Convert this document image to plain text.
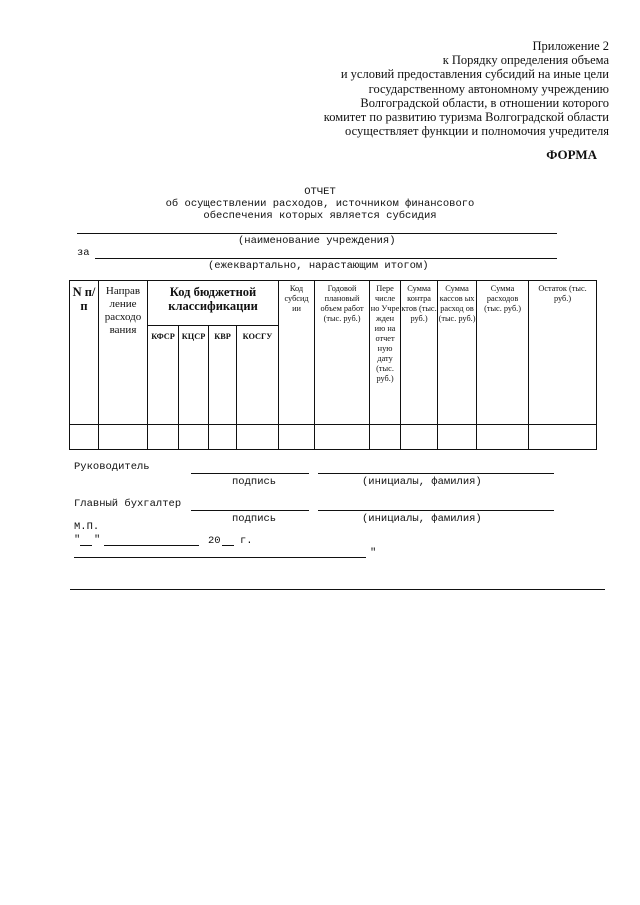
Приложение 2
к Порядку определения объема
и условий предоставления субсидий на иные цели
государственному автономному учреждению
Волгоградской области, в отношении которого
комитет по развитию туризма Волгоградской области
осуществляет функции и полномочия учредителя
ФОРМА
ОТЧЕТ
об осуществлении расходов, источником финансового
обеспечения которых является субсидия
(наименование учреждения)
за
(ежеквартально, нарастающим итогом)
N п/п	Направ ление расходо вания	Код бюджетной классификации				Код субсид ии	Годовой плановый объем работ (тыс. руб.)	Пере числе но Учре жден ию на отчет ную дату (тыс. руб.)	Сумма контра ктов (тыс. руб.)	Сумма кассов ых расход ов (тыс. руб.)	Сумма расходов (тыс. руб.)	Остаток (тыс. руб.)
		КФСР	КЦСР	КВР	КОСГУ							

Руководитель
подпись	(инициалы, фамилия)
Главный бухгалтер
подпись	(инициалы, фамилия)
М.П.
" "	20 г.
"
